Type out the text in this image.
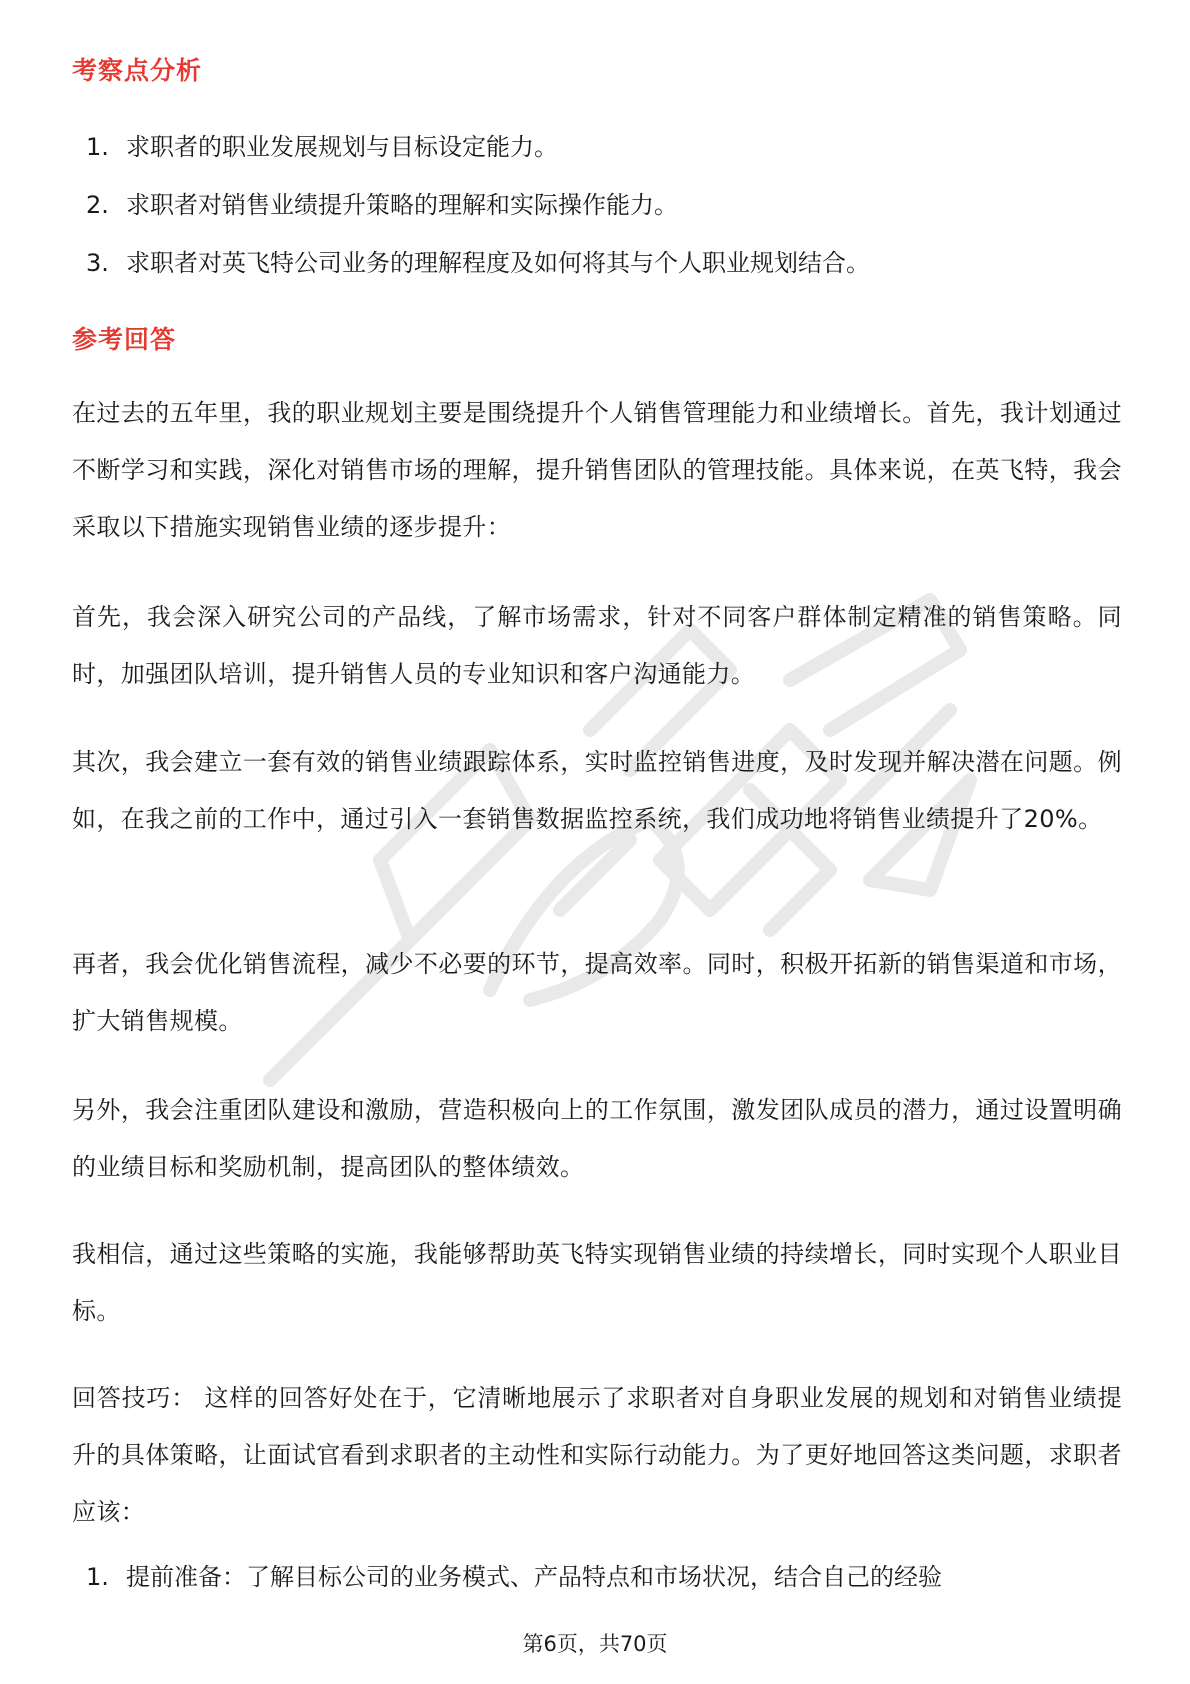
考察点分析
1. 求职者的职业发展规划与目标设定能力。
2. 求职者对销售业绩提升策略的理解和实际操作能力。
3. 求职者对英飞特公司业务的理解程度及如何将其与个人职业规划结合。
参考回答

在过去的五年里，我的职业规划主要是围绕提升个人销售管理能力和业绩增长。首先，我计划通过不断学习和实践，深化对销售市场的理解，提升销售团队的管理技能。具体来说，在英飞特，我会采取以下措施实现销售业绩的逐步提升：

首先，我会深入研究公司的产品线，了解市场需求，针对不同客户群体制定精准的销售策略。同时，加强团队培训，提升销售人员的专业知识和客户沟通能力。

其次，我会建立一套有效的销售业绩跟踪体系，实时监控销售进度，及时发现并解决潜在问题。例如，在我之前的工作中，通过引入一套销售数据监控系统，我们成功地将销售业绩提升了20%。

再者，我会优化销售流程，减少不必要的环节，提高效率。同时，积极开拓新的销售渠道和市场，扩大销售规模。

另外，我会注重团队建设和激励，营造积极向上的工作氛围，激发团队成员的潜力，通过设置明确的业绩目标和奖励机制，提高团队的整体绩效。

我相信，通过这些策略的实施，我能够帮助英飞特实现销售业绩的持续增长，同时实现个人职业目标。

回答技巧： 这样的回答好处在于，它清晰地展示了求职者对自身职业发展的规划和对销售业绩提升的具体策略，让面试官看到求职者的主动性和实际行动能力。为了更好地回答这类问题，求职者应该：

1. 提前准备：了解目标公司的业务模式、产品特点和市场状况，结合自己的经验
第6页，共70页
